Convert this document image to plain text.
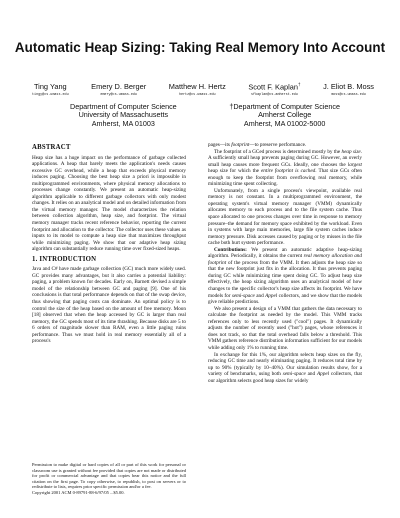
Automatic Heap Sizing: Taking Real Memory Into Account
Ting Yang
tingy@cs.umass.edu
Emery D. Berger
emery@cs.umass.edu
Matthew H. Hertz
hertz@cs.umass.edu
Scott F. Kaplan†
sfkaplan@cs.amherst.edu
J. Eliot B. Moss
moss@cs.umass.edu
Department of Computer Science
University of Massachusetts
Amherst, MA 01003
†Department of Computer Science
Amherst College
Amherst, MA 01002-5000
ABSTRACT

Heap size has a huge impact on the performance of garbage collected applications. A heap that barely meets the application's needs causes excessive GC overhead, while a heap that exceeds physical memory induces paging. Choosing the best heap size a priori is impossible in multiprogrammed environments, where physical memory allocations to processes change constantly. We present an automatic heap-sizing algorithm applicable to different garbage collectors with only modest changes. It relies on an analytical model and on detailed information from the virtual memory manager. The model characterizes the relation between collection algorithm, heap size, and footprint. The virtual memory manager tracks recent reference behavior, reporting the current footprint and allocation to the collector. The collector uses these values as inputs to its model to compute a heap size that maximizes throughput while minimizing paging. We show that our adaptive heap sizing algorithm can substantially reduce running time over fixed-sized heaps.

1. INTRODUCTION

Java and C# have made garbage collection (GC) much more widely used. GC provides many advantages, but it also carries a potential liability: paging, a problem known for decades. Early on, Barnett devised a simple model of the relationship between GC and paging [9]. One of his conclusions is that total performance depends on that of the swap device, thus showing that paging costs can dominate. An optimal policy is to control the size of the heap based on the amount of free memory. Moon [18] observed that when the heap accessed by GC is larger than real memory, the GC spends most of its time thrashing. Because disks are 5 to 6 orders of magnitude slower than RAM, even a little paging ruins performance. Thus we must hold in real memory essentially all of a process's

Permission to make digital or hard copies of all or part of this work for personal or classroom use is granted without fee provided that copies are not made or distributed for profit or commercial advantage and that copies bear this notice and the full citation on the first page. To copy otherwise, to republish, to post on servers or to redistribute to lists, requires prior specific permission and/or a fee.

Copyright 2001 ACM 0-89791-88-6/97/05 ...$5.00.

pages—its footprint—to preserve performance.

The footprint of a GCed process is determined mostly by the heap size. A sufficiently small heap prevents paging during GC. However, an overly small heap causes more frequent GCs. Ideally, one chooses the largest heap size for which the entire footprint is cached. That size GCs often enough to keep the footprint from overflowing real memory, while minimizing time spent collecting.

Unfortunately, from a single process's viewpoint, available real memory is not constant. In a multiprogrammed environment, the operating system's virtual memory manager (VMM) dynamically allocates memory to each process and to the file system cache. Thus space allocated to one process changes over time in response to memory pressure–the demand for memory space exhibited by the workload. Even in systems with large main memories, large file system caches induce memory pressure. Disk accesses caused by paging or by misses in the file cache both hurt system performance.

Contributions: We present an automatic adaptive heap-sizing algorithm. Periodically, it obtains the current real memory allocation and footprint of the process from the VMM. It then adjusts the heap size so that the new footprint just fits in the allocation. It thus prevents paging during GC while minimizing time spent doing GC. To adjust heap size effectively, the heap sizing algorithm uses an analytical model of how changes to the specific collector's heap size affects its footprint. We have models for semi-space and Appel collectors, and we show that the models give reliable predictions.

We also present a design of a VMM that gathers the data necessary to calculate the footprint as needed by the model. This VMM tracks references only to less recently used ("cool") pages. It dynamically adjusts the number of recently used ("hot") pages, whose references it does not track, so that the total overhead falls below a threshold. This VMM gathers reference distribution information sufficient for our models while adding only 1% to running time.

In exchange for this 1%, our algorithm selects heap sizes on the fly, reducing GC time and nearly eliminating paging. It reduces total time by up to 90% (typically by 10–40%). Our simulation results show, for a variety of benchmarks, using both semi-space and Appel collectors, that our algorithm selects good heap sizes for widely
